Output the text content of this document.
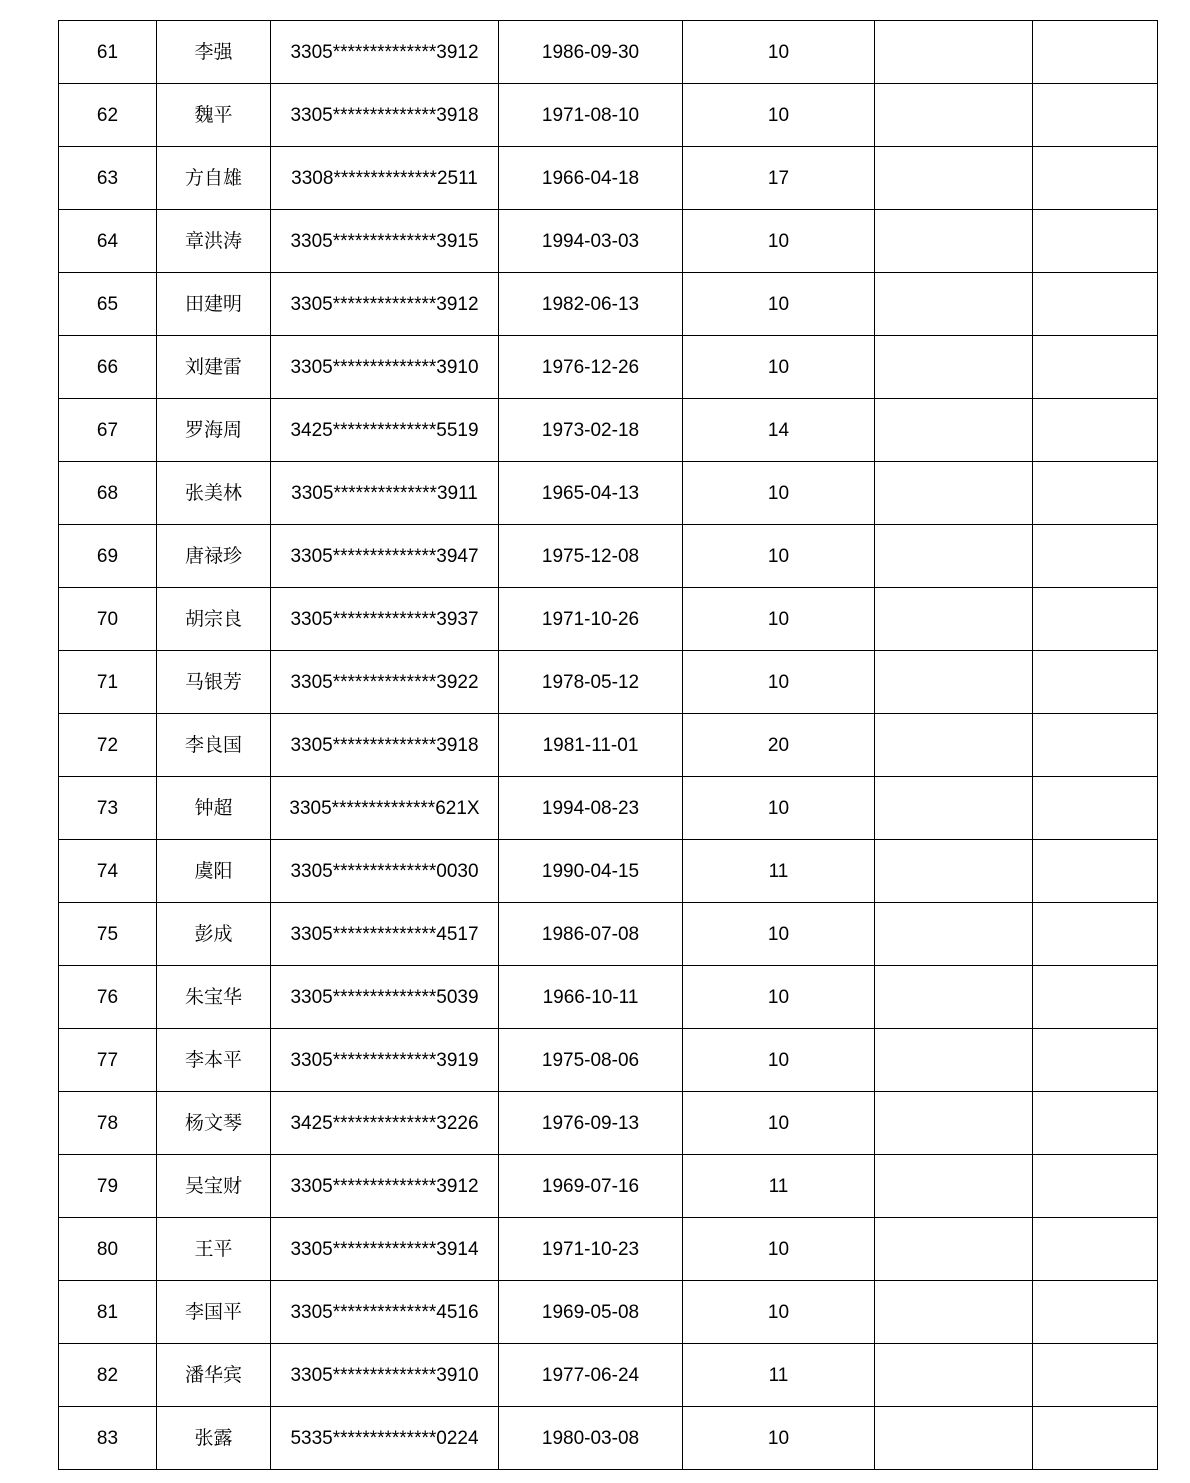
61	李强	3305**************3912	1986-09-30	10		
62	魏平	3305**************3918	1971-08-10	10		
63	方自雄	3308**************2511	1966-04-18	17		
64	章洪涛	3305**************3915	1994-03-03	10		
65	田建明	3305**************3912	1982-06-13	10		
66	刘建雷	3305**************3910	1976-12-26	10		
67	罗海周	3425**************5519	1973-02-18	14		
68	张美林	3305**************3911	1965-04-13	10		
69	唐禄珍	3305**************3947	1975-12-08	10		
70	胡宗良	3305**************3937	1971-10-26	10		
71	马银芳	3305**************3922	1978-05-12	10		
72	李良国	3305**************3918	1981-11-01	20		
73	钟超	3305**************621X	1994-08-23	10		
74	虞阳	3305**************0030	1990-04-15	11		
75	彭成	3305**************4517	1986-07-08	10		
76	朱宝华	3305**************5039	1966-10-11	10		
77	李本平	3305**************3919	1975-08-06	10		
78	杨文琴	3425**************3226	1976-09-13	10		
79	吴宝财	3305**************3912	1969-07-16	11		
80	王平	3305**************3914	1971-10-23	10		
81	李国平	3305**************4516	1969-05-08	10		
82	潘华宾	3305**************3910	1977-06-24	11		
83	张露	5335**************0224	1980-03-08	10		
